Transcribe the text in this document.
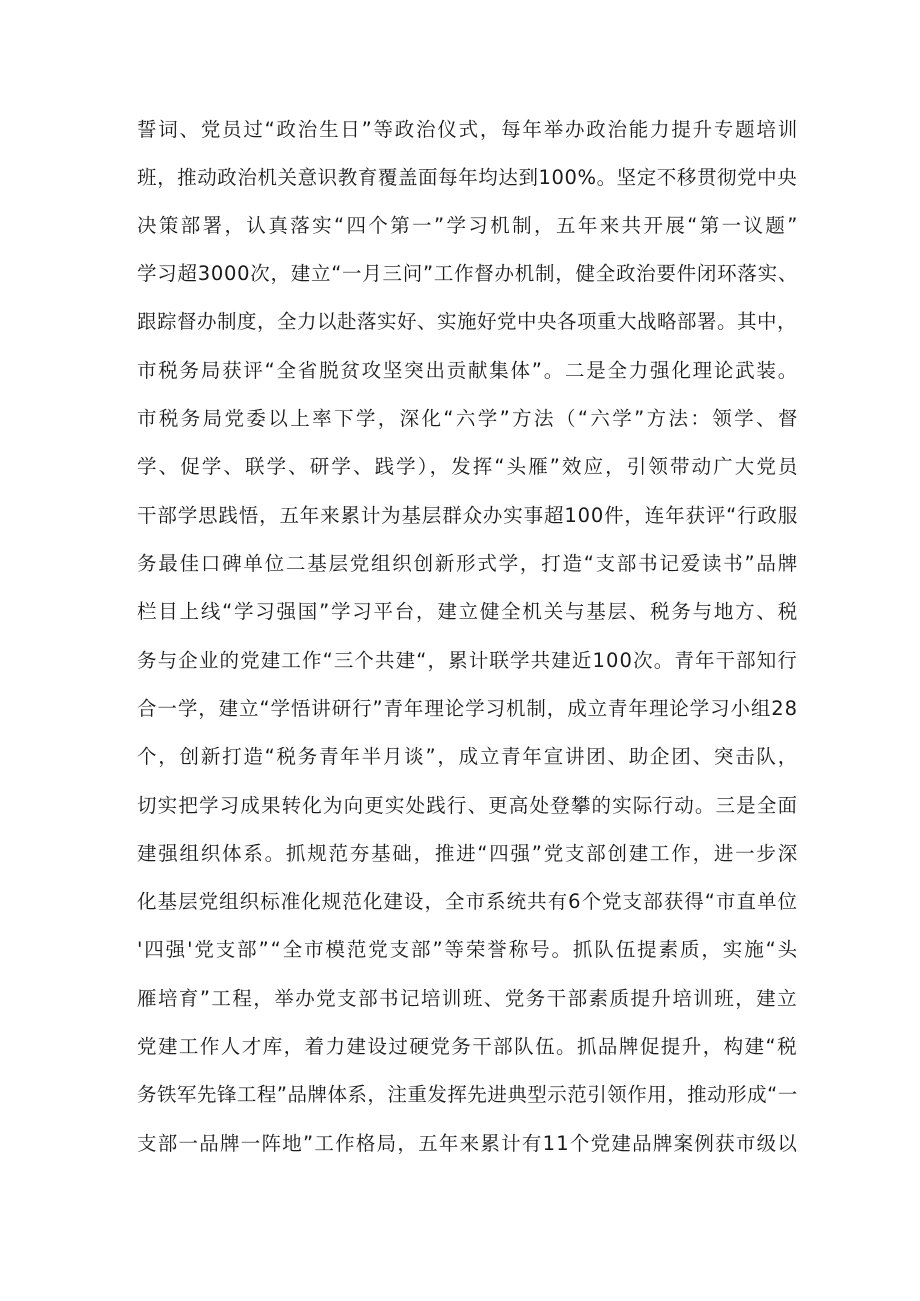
誓词、党员过“政治生日”等政治仪式，每年举办政治能力提升专题培训
班，推动政治机关意识教育覆盖面每年均达到100%。坚定不移贯彻党中央
决策部署，认真落实“四个第一”学习机制，五年来共开展“第一议题”
学习超3000次，建立“一月三问”工作督办机制，健全政治要件闭环落实、
跟踪督办制度，全力以赴落实好、实施好党中央各项重大战略部署。其中，
市税务局获评“全省脱贫攻坚突出贡献集体”。二是全力强化理论武装。
市税务局党委以上率下学，深化“六学”方法（“六学”方法：领学、督
学、促学、联学、研学、践学），发挥“头雁”效应，引领带动广大党员
干部学思践悟，五年来累计为基层群众办实事超100件，连年获评“行政服
务最佳口碑单位二基层党组织创新形式学，打造“支部书记爱读书”品牌
栏目上线“学习强国”学习平台，建立健全机关与基层、税务与地方、税
务与企业的党建工作“三个共建“，累计联学共建近100次。青年干部知行
合一学，建立“学悟讲研行”青年理论学习机制，成立青年理论学习小组28
个，创新打造“税务青年半月谈”，成立青年宣讲团、助企团、突击队，
切实把学习成果转化为向更实处践行、更高处登攀的实际行动。三是全面
建强组织体系。抓规范夯基础，推进“四强”党支部创建工作，进一步深
化基层党组织标准化规范化建设，全市系统共有6个党支部获得“市直单位
'四强'党支部”“全市模范党支部”等荣誉称号。抓队伍提素质，实施“头
雁培育”工程，举办党支部书记培训班、党务干部素质提升培训班，建立
党建工作人才库，着力建设过硬党务干部队伍。抓品牌促提升，构建“税
务铁军先锋工程”品牌体系，注重发挥先进典型示范引领作用，推动形成“一
支部一品牌一阵地”工作格局，五年来累计有11个党建品牌案例获市级以
